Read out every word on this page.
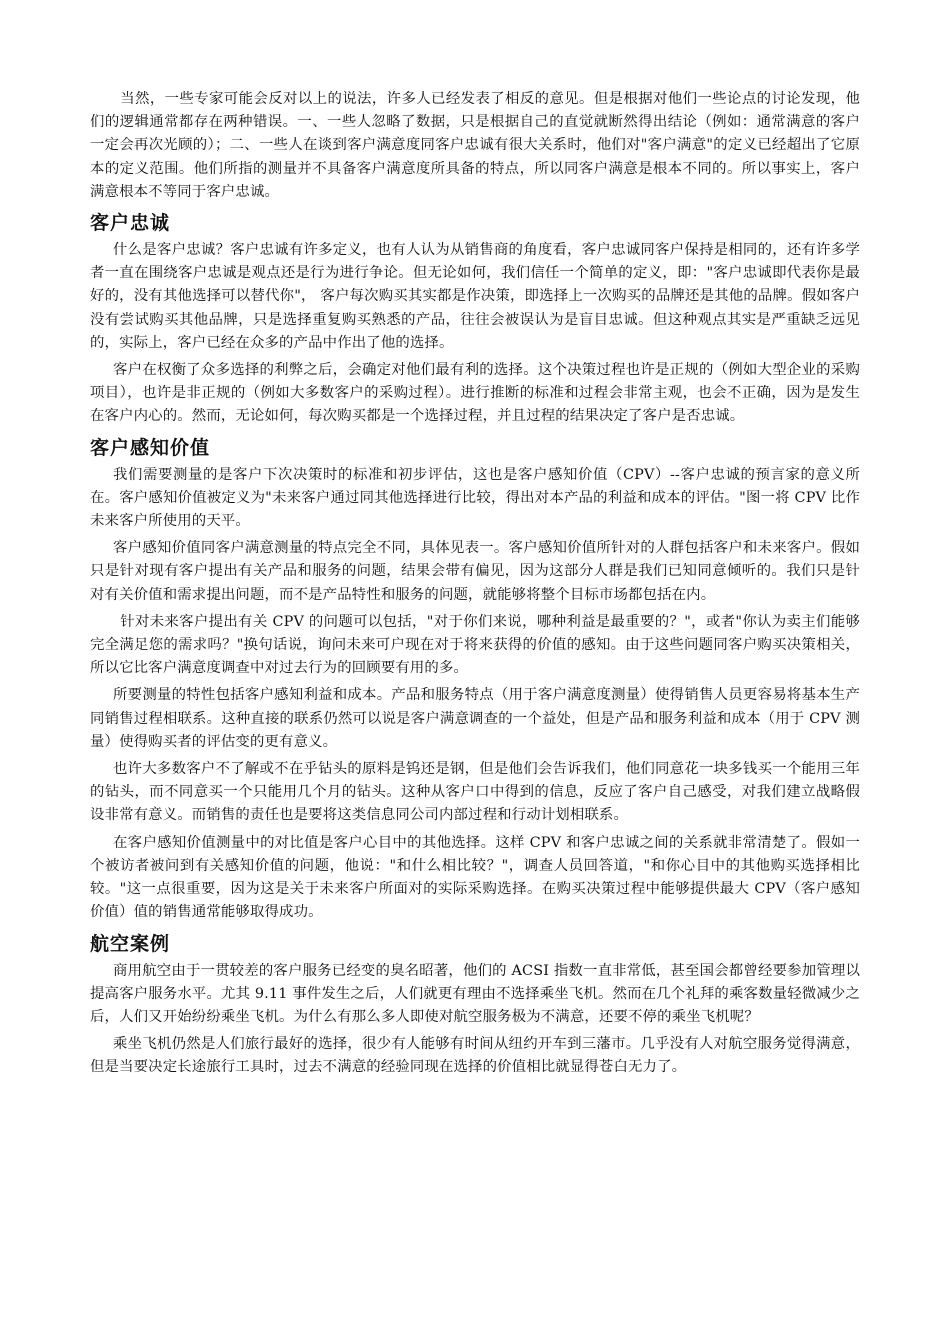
当然，一些专家可能会反对以上的说法，许多人已经发表了相反的意见。但是根据对他们一些论点的讨论发现，他们的逻辑通常都存在两种错误。一、一些人忽略了数据，只是根据自己的直觉就断然得出结论（例如：通常满意的客户一定会再次光顾的）；二、一些人在谈到客户满意度同客户忠诚有很大关系时，他们对"客户满意"的定义已经超出了它原本的定义范围。他们所指的测量并不具备客户满意度所具备的特点，所以同客户满意是根本不同的。所以事实上，客户满意根本不等同于客户忠诚。

客户忠诚

什么是客户忠诚？客户忠诚有许多定义，也有人认为从销售商的角度看，客户忠诚同客户保持是相同的，还有许多学者一直在围绕客户忠诚是观点还是行为进行争论。但无论如何，我们信任一个简单的定义，即："客户忠诚即代表你是最好的，没有其他选择可以替代你"， 客户每次购买其实都是作决策，即选择上一次购买的品牌还是其他的品牌。假如客户没有尝试购买其他品牌，只是选择重复购买熟悉的产品，往往会被误认为是盲目忠诚。但这种观点其实是严重缺乏远见的，实际上，客户已经在众多的产品中作出了他的选择。

客户在权衡了众多选择的利弊之后，会确定对他们最有利的选择。这个决策过程也许是正规的（例如大型企业的采购项目），也许是非正规的（例如大多数客户的采购过程）。进行推断的标准和过程会非常主观，也会不正确，因为是发生在客户内心的。然而，无论如何，每次购买都是一个选择过程，并且过程的结果决定了客户是否忠诚。

客户感知价值

我们需要测量的是客户下次决策时的标准和初步评估，这也是客户感知价值（CPV）--客户忠诚的预言家的意义所在。客户感知价值被定义为"未来客户通过同其他选择进行比较，得出对本产品的利益和成本的评估。"图一将 CPV 比作未来客户所使用的天平。

客户感知价值同客户满意测量的特点完全不同，具体见表一。客户感知价值所针对的人群包括客户和未来客户。假如只是针对现有客户提出有关产品和服务的问题，结果会带有偏见，因为这部分人群是我们已知同意倾听的。我们只是针对有关价值和需求提出问题，而不是产品特性和服务的问题，就能够将整个目标市场都包括在内。

针对未来客户提出有关 CPV 的问题可以包括，"对于你们来说，哪种利益是最重要的？"，或者"你认为卖主们能够完全满足您的需求吗？"换句话说，询问未来可户现在对于将来获得的价值的感知。由于这些问题同客户购买决策相关，所以它比客户满意度调查中对过去行为的回顾要有用的多。

所要测量的特性包括客户感知利益和成本。产品和服务特点（用于客户满意度测量）使得销售人员更容易将基本生产同销售过程相联系。这种直接的联系仍然可以说是客户满意调查的一个益处，但是产品和服务利益和成本（用于 CPV 测量）使得购买者的评估变的更有意义。

也许大多数客户不了解或不在乎钻头的原料是钨还是钢，但是他们会告诉我们，他们同意花一块多钱买一个能用三年的钻头，而不同意买一个只能用几个月的钻头。这种从客户口中得到的信息，反应了客户自己感受，对我们建立战略假设非常有意义。而销售的责任也是要将这类信息同公司内部过程和行动计划相联系。

在客户感知价值测量中的对比值是客户心目中的其他选择。这样 CPV 和客户忠诚之间的关系就非常清楚了。假如一个被访者被问到有关感知价值的问题，他说："和什么相比较？"，调查人员回答道，"和你心目中的其他购买选择相比较。"这一点很重要，因为这是关于未来客户所面对的实际采购选择。在购买决策过程中能够提供最大 CPV（客户感知价值）值的销售通常能够取得成功。

航空案例

商用航空由于一贯较差的客户服务已经变的臭名昭著，他们的 ACSI 指数一直非常低，甚至国会都曾经要参加管理以提高客户服务水平。尤其 9.11 事件发生之后，人们就更有理由不选择乘坐飞机。然而在几个礼拜的乘客数量轻微减少之后，人们又开始纷纷乘坐飞机。为什么有那么多人即使对航空服务极为不满意，还要不停的乘坐飞机呢？

乘坐飞机仍然是人们旅行最好的选择，很少有人能够有时间从纽约开车到三藩市。几乎没有人对航空服务觉得满意，但是当要决定长途旅行工具时，过去不满意的经验同现在选择的价值相比就显得苍白无力了。
